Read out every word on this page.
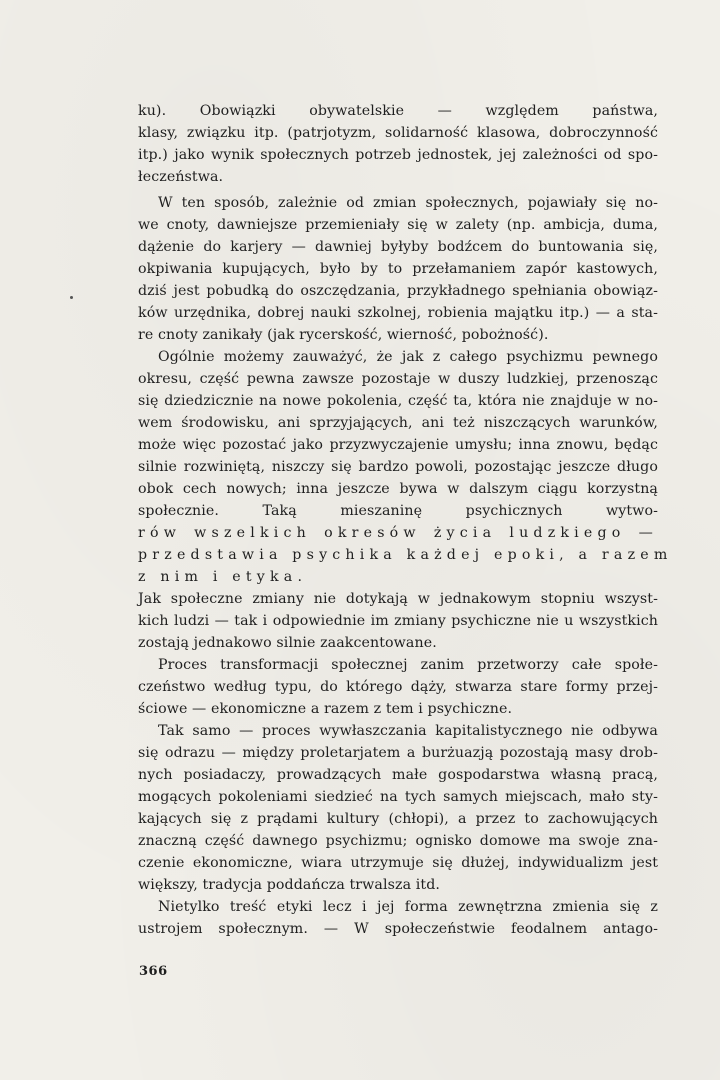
ku). Obowiązki obywatelskie — względem państwa,
klasy, związku itp. (patrjotyzm, solidarność klasowa, dobroczynność
itp.) jako wynik społecznych potrzeb jednostek, jej zależności od spo-
łeczeństwa.
W ten sposób, zależnie od zmian społecznych, pojawiały się no-
we cnoty, dawniejsze przemieniały się w zalety (np. ambicja, duma,
dążenie do karjery — dawniej byłyby bodźcem do buntowania się,
okpiwania kupujących, było by to przełamaniem zapór kastowych,
dziś jest pobudką do oszczędzania, przykładnego spełniania obowiąz-
ków urzędnika, dobrej nauki szkolnej, robienia majątku itp.) — a sta-
re cnoty zanikały (jak rycerskość, wierność, pobożność).
Ogólnie możemy zauważyć, że jak z całego psychizmu pewnego
okresu, część pewna zawsze pozostaje w duszy ludzkiej, przenosząc
się dziedzicznie na nowe pokolenia, część ta, która nie znajduje w no-
wem środowisku, ani sprzyjających, ani też niszczących warunków,
może więc pozostać jako przyzwyczajenie umysłu; inna znowu, będąc
silnie rozwiniętą, niszczy się bardzo powoli, pozostając jeszcze długo
obok cech nowych; inna jeszcze bywa w dalszym ciągu korzystną
społecznie. Taką mieszaninę psychicznych wytwo-
rów wszelkich okresów życia ludzkiego —
przedstawia psychika każdej epoki, a razem
z nim i etyka.
Jak społeczne zmiany nie dotykają w jednakowym stopniu wszyst-
kich ludzi — tak i odpowiednie im zmiany psychiczne nie u wszystkich
zostają jednakowo silnie zaakcentowane.
Proces transformacji społecznej zanim przetworzy całe społe-
czeństwo według typu, do którego dąży, stwarza stare formy przej-
ściowe — ekonomiczne a razem z tem i psychiczne.
Tak samo — proces wywłaszczania kapitalistycznego nie odbywa
się odrazu — między proletarjatem a burżuazją pozostają masy drob-
nych posiadaczy, prowadzących małe gospodarstwa własną pracą,
mogących pokoleniami siedzieć na tych samych miejscach, mało sty-
kających się z prądami kultury (chłopi), a przez to zachowujących
znaczną część dawnego psychizmu; ognisko domowe ma swoje zna-
czenie ekonomiczne, wiara utrzymuje się dłużej, indywidualizm jest
większy, tradycja poddańcza trwalsza itd.
Nietylko treść etyki lecz i jej forma zewnętrzna zmienia się z
ustrojem społecznym. — W społeczeństwie feodalnem antago-
366
